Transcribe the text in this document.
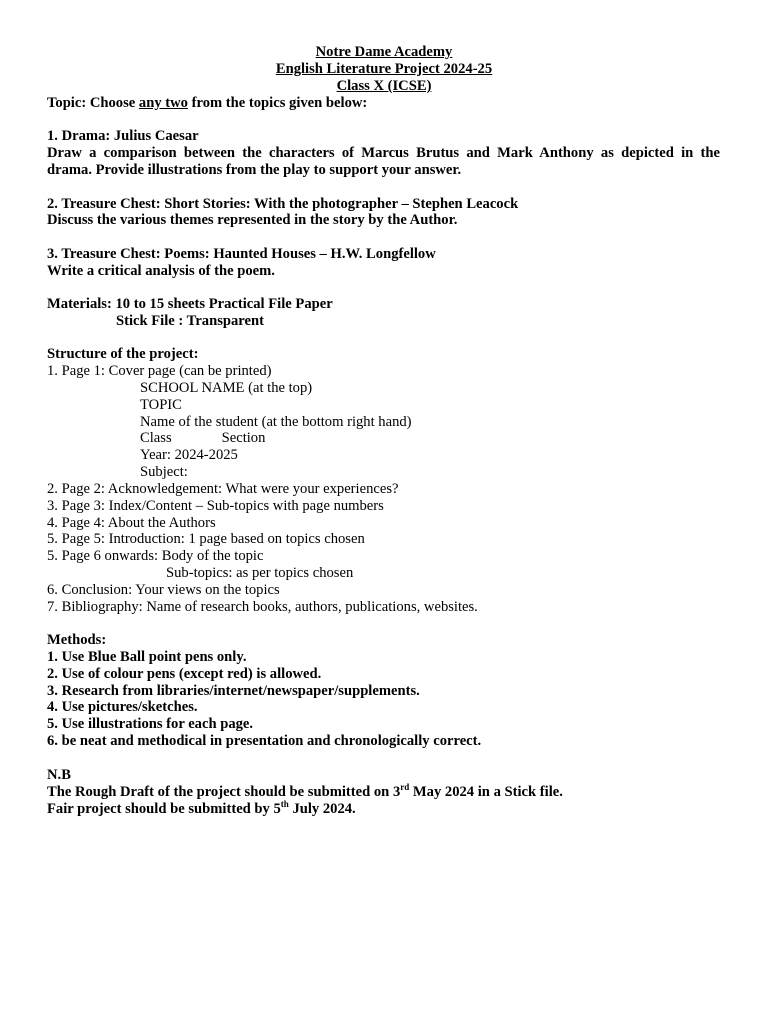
Notre Dame Academy
English Literature Project 2024-25
Class X (ICSE)
Topic: Choose any two from the topics given below:
1. Drama: Julius Caesar
Draw a comparison between the characters of Marcus Brutus and Mark Anthony as depicted in the
drama. Provide illustrations from the play to support your answer.
2. Treasure Chest: Short Stories: With the photographer – Stephen Leacock
Discuss the various themes represented in the story by the Author.
3. Treasure Chest: Poems: Haunted Houses – H.W. Longfellow
Write a critical analysis of the poem.
Materials: 10 to 15 sheets Practical File Paper
Stick File : Transparent
Structure of the project:
1. Page 1: Cover page (can be printed)
SCHOOL NAME (at the top)
TOPIC
Name of the student (at the bottom right hand)
Class	Section
Year: 2024-2025
Subject:
2. Page 2: Acknowledgement: What were your experiences?
3. Page 3: Index/Content – Sub-topics with page numbers
4. Page 4: About the Authors
5. Page 5: Introduction: 1 page based on topics chosen
5. Page 6 onwards: Body of the topic
Sub-topics: as per topics chosen
6. Conclusion: Your views on the topics
7. Bibliography: Name of research books, authors, publications, websites.
Methods:
1. Use Blue Ball point pens only.
2. Use of colour pens (except red) is allowed.
3. Research from libraries/internet/newspaper/supplements.
4. Use pictures/sketches.
5. Use illustrations for each page.
6. be neat and methodical in presentation and chronologically correct.
N.B
The Rough Draft of the project should be submitted on 3rd May 2024 in a Stick file.
Fair project should be submitted by 5th July 2024.
